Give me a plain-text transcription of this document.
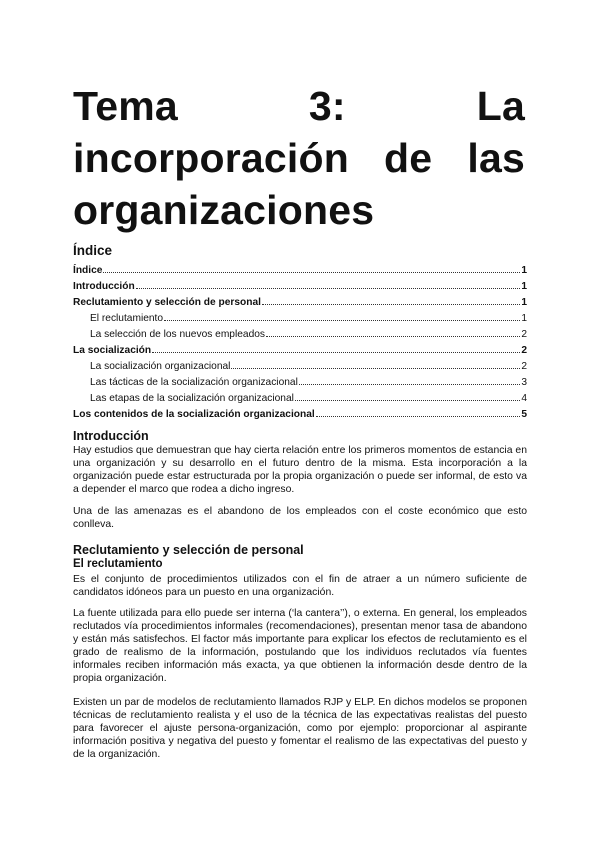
Tema 3: La incorporación de las organizaciones
Índice
Índice	1
Introducción	1
Reclutamiento y selección de personal	1
El reclutamiento	1
La selección de los nuevos empleados	2
La socialización	2
La socialización organizacional	2
Las tácticas de la socialización organizacional	3
Las etapas de la socialización organizacional	4
Los contenidos de la socialización organizacional	5
Introducción

Hay estudios que demuestran que hay cierta relación entre los primeros momentos de estancia en una organización y su desarrollo en el futuro dentro de la misma. Esta incorporación a la organización puede estar estructurada por la propia organización o puede ser informal, de esto va a depender el marco que rodea a dicho ingreso.

Una de las amenazas es el abandono de los empleados con el coste económico que esto conlleva.

Reclutamiento y selección de personal
El reclutamiento

Es el conjunto de procedimientos utilizados con el fin de atraer a un número suficiente de candidatos idóneos para un puesto en una organización.

La fuente utilizada para ello puede ser interna (‘la cantera’’), o externa. En general, los empleados reclutados vía procedimientos informales (recomendaciones), presentan menor tasa de abandono y están más satisfechos. El factor más importante para explicar los efectos de reclutamiento es el grado de realismo de la información, postulando que los individuos reclutados vía fuentes informales reciben información más exacta, ya que obtienen la información desde dentro de la propia organización.

Existen un par de modelos de reclutamiento llamados RJP y ELP. En dichos modelos se proponen técnicas de reclutamiento realista y el uso de la técnica de las expectativas realistas del puesto para favorecer el ajuste persona-organización, como por ejemplo: proporcionar al aspirante información positiva y negativa del puesto y fomentar el realismo de las expectativas del puesto y de la organización.
